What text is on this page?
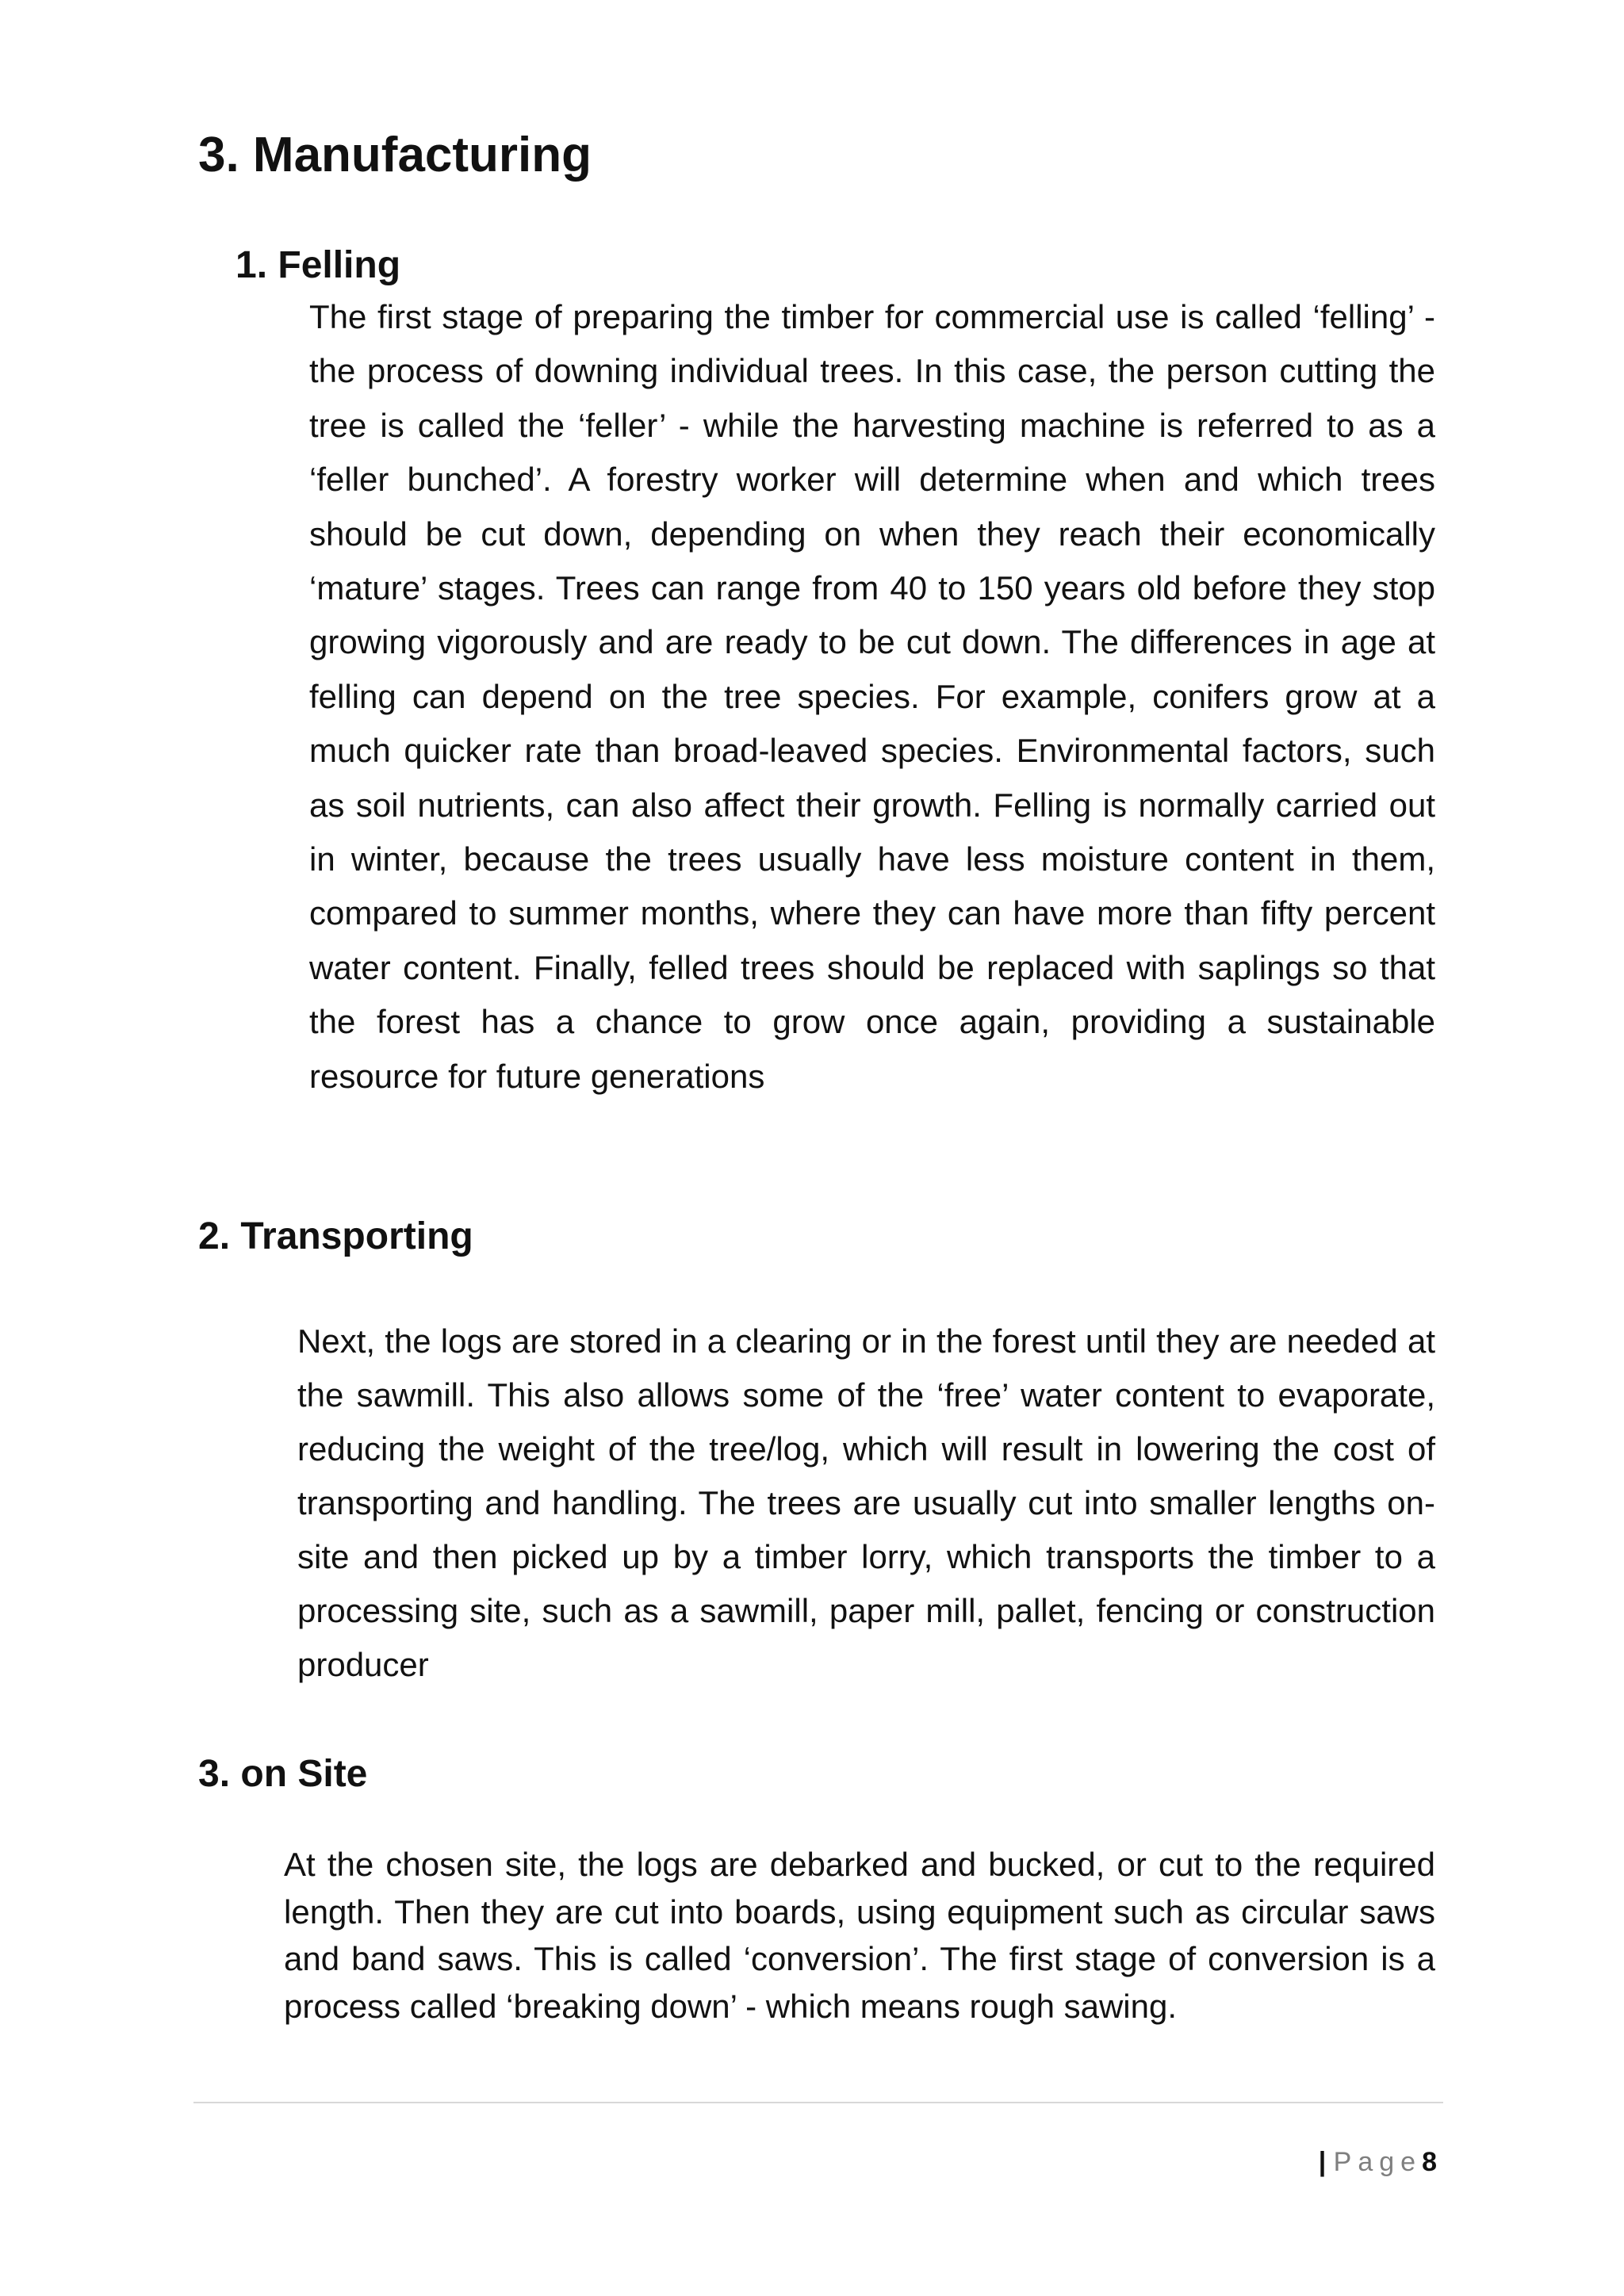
3. Manufacturing
1. Felling

The first stage of preparing the timber for commercial use is called ‘felling’ - the process of downing individual trees. In this case, the person cutting the tree is called the ‘feller’ - while the harvesting machine is referred to as a ‘feller bunched’. A forestry worker will determine when and which trees should be cut down, depending on when they reach their economically ‘mature’ stages. Trees can range from 40 to 150 years old before they stop growing vigorously and are ready to be cut down. The differences in age at felling can depend on the tree species. For example, conifers grow at a much quicker rate than broad-leaved species. Environmental factors, such as soil nutrients, can also affect their growth. Felling is normally carried out in winter, because the trees usually have less moisture content in them, compared to summer months, where they can have more than fifty percent water content. Finally, felled trees should be replaced with saplings so that the forest has a chance to grow once again, providing a sustainable resource for future generations

2. Transporting

Next, the logs are stored in a clearing or in the forest until they are needed at the sawmill. This also allows some of the ‘free’ water content to evaporate, reducing the weight of the tree/log, which will result in lowering the cost of transporting and handling. The trees are usually cut into smaller lengths on-site and then picked up by a timber lorry, which transports the timber to a processing site, such as a sawmill, paper mill, pallet, fencing or construction producer

3. on Site

At the chosen site, the logs are debarked and bucked, or cut to the required length. Then they are cut into boards, using equipment such as circular saws and band saws. This is called ‘conversion’. The first stage of conversion is a process called ‘breaking down’ - which means rough sawing.

| Page8
